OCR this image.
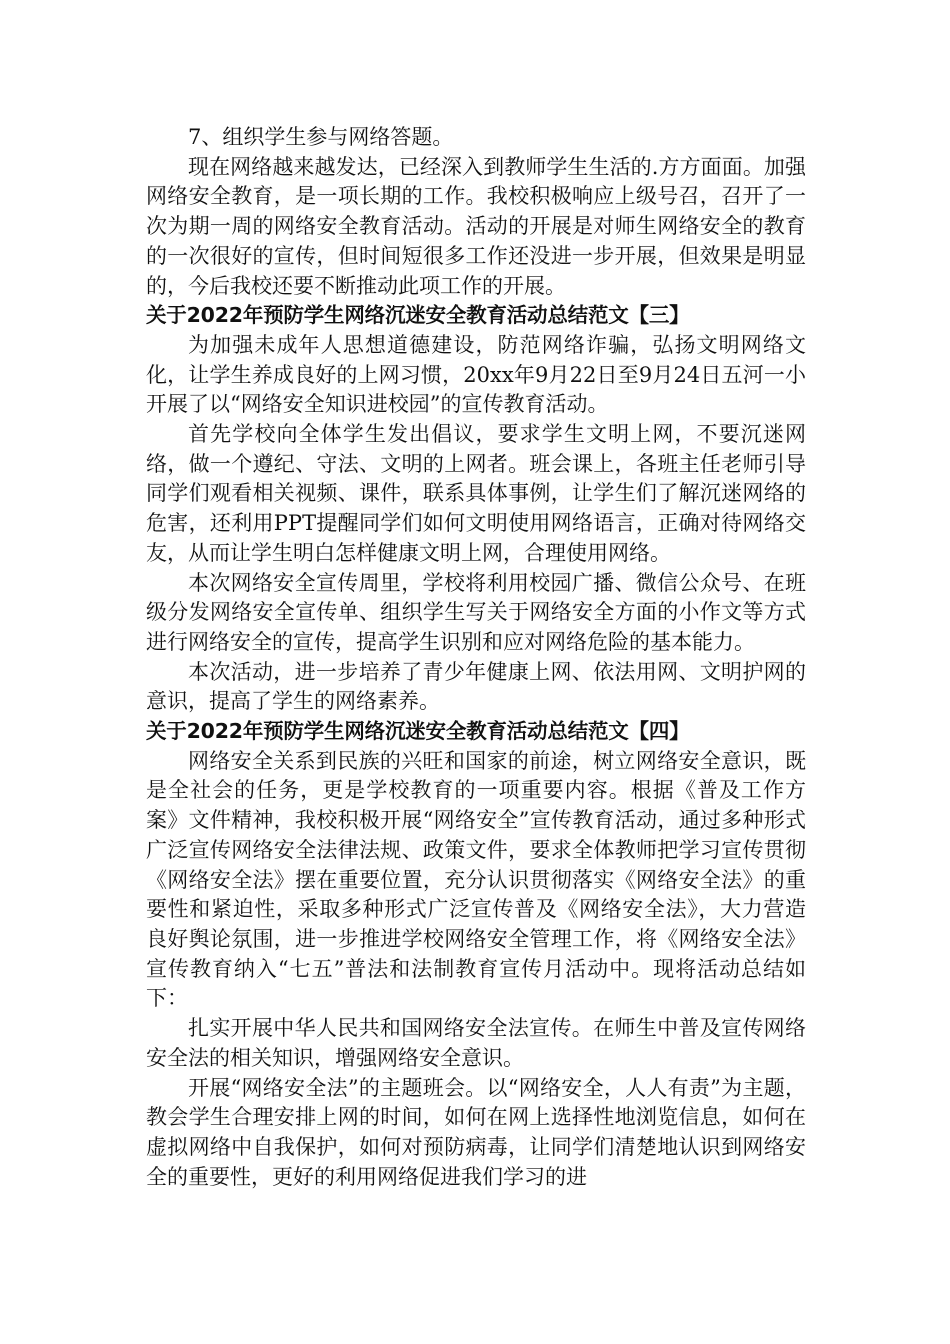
7、组织学生参与网络答题。

现在网络越来越发达，已经深入到教师学生生活的.方方面面。加强网络安全教育，是一项长期的工作。我校积极响应上级号召，召开了一次为期一周的网络安全教育活动。活动的开展是对师生网络安全的教育的一次很好的宣传，但时间短很多工作还没进一步开展，但效果是明显的，今后我校还要不断推动此项工作的开展。

关于2022年预防学生网络沉迷安全教育活动总结范文【三】

为加强未成年人思想道德建设，防范网络诈骗，弘扬文明网络文化，让学生养成良好的上网习惯，20xx年9月22日至9月24日五河一小开展了以“网络安全知识进校园”的宣传教育活动。

首先学校向全体学生发出倡议，要求学生文明上网，不要沉迷网络，做一个遵纪、守法、文明的上网者。班会课上，各班主任老师引导同学们观看相关视频、课件，联系具体事例，让学生们了解沉迷网络的危害，还利用PPT提醒同学们如何文明使用网络语言，正确对待网络交友，从而让学生明白怎样健康文明上网，合理使用网络。

本次网络安全宣传周里，学校将利用校园广播、微信公众号、在班级分发网络安全宣传单、组织学生写关于网络安全方面的小作文等方式进行网络安全的宣传，提高学生识别和应对网络危险的基本能力。

本次活动，进一步培养了青少年健康上网、依法用网、文明护网的意识，提高了学生的网络素养。

关于2022年预防学生网络沉迷安全教育活动总结范文【四】

网络安全关系到民族的兴旺和国家的前途，树立网络安全意识，既是全社会的任务，更是学校教育的一项重要内容。根据《普及工作方案》文件精神，我校积极开展“网络安全”宣传教育活动，通过多种形式广泛宣传网络安全法律法规、政策文件，要求全体教师把学习宣传贯彻《网络安全法》摆在重要位置，充分认识贯彻落实《网络安全法》的重要性和紧迫性，采取多种形式广泛宣传普及《网络安全法》，大力营造良好舆论氛围，进一步推进学校网络安全管理工作，将《网络安全法》宣传教育纳入“七五”普法和法制教育宣传月活动中。现将活动总结如下：

扎实开展中华人民共和国网络安全法宣传。在师生中普及宣传网络安全法的相关知识，增强网络安全意识。

开展“网络安全法”的主题班会。以“网络安全，人人有责”为主题，教会学生合理安排上网的时间，如何在网上选择性地浏览信息，如何在虚拟网络中自我保护，如何对预防病毒，让同学们清楚地认识到网络安全的重要性，更好的利用网络促进我们学习的进
